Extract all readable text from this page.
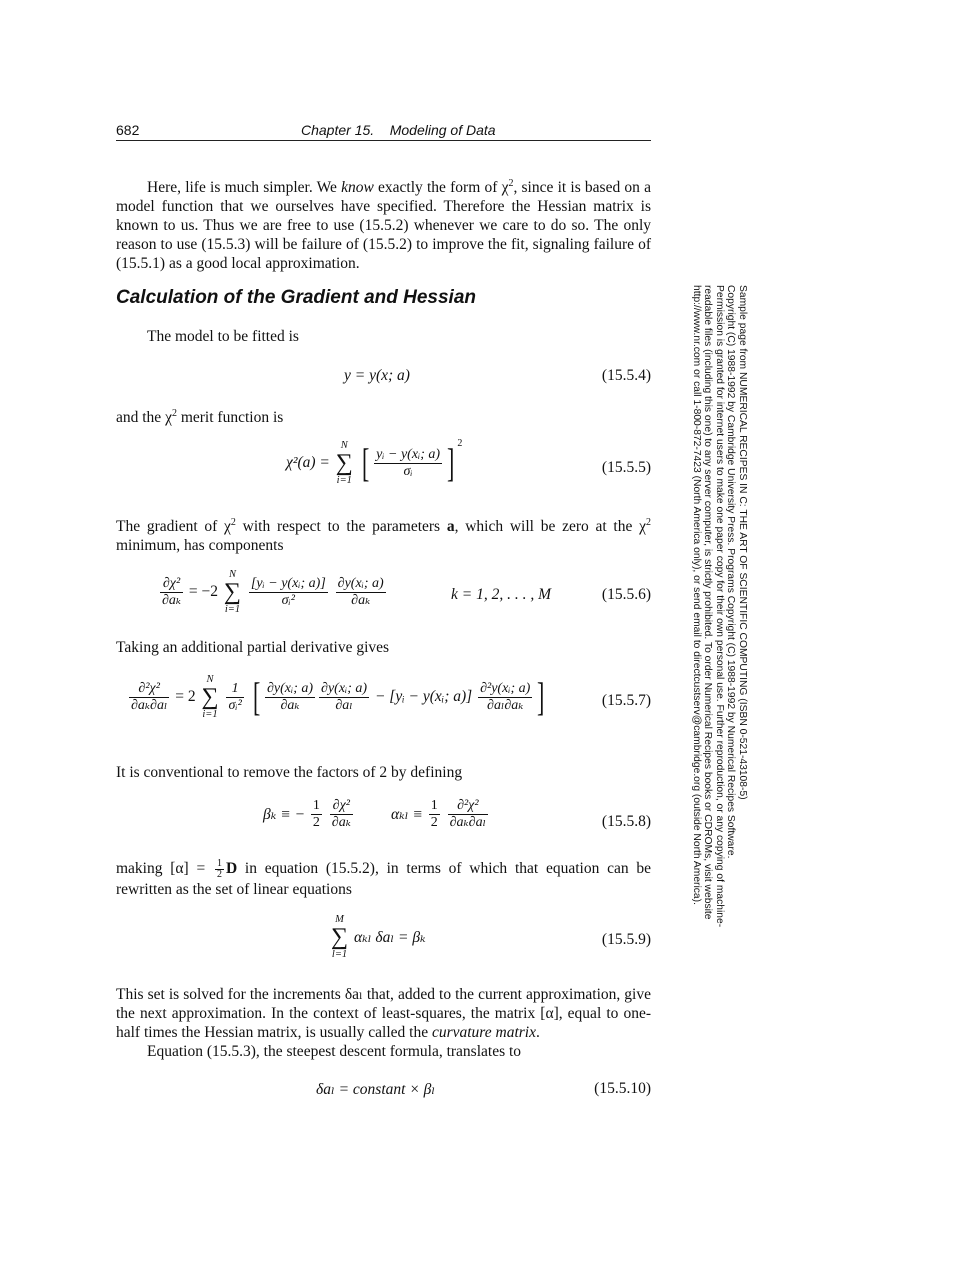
682	Chapter 15.    Modeling of Data
Here, life is much simpler. We know exactly the form of $\chi^2$, since it is based on a model function that we ourselves have specified. Therefore the Hessian matrix is known to us. Thus we are free to use (15.5.2) whenever we care to do so. The only reason to use (15.5.3) will be failure of (15.5.2) to improve the fit, signaling failure of (15.5.1) as a good local approximation.
Calculation of the Gradient and Hessian
The model to be fitted is
y = y(x; a)	(15.5.4)
and the $\chi^2$ merit function is
χ²(a) =
N
∑
i=1 [ $\frac{\text{yᵢ − y(xᵢ; a)}}{\text{σᵢ}}$ ] $^2$
(15.5.5)
The gradient of $\chi^2$ with respect to the parameters a, which will be zero at the $\chi^2$ minimum, has components
$\frac{\text{∂χ²}}{\text{∂aₖ}} = -2$
N
∑
i=1

$\frac{\text{[yᵢ − y(xᵢ; a)]}}{\text{σᵢ²}}$
$\frac{\text{∂y(xᵢ; a)}}{\text{∂aₖ}}$	k = 1, 2, . . . , M	(15.5.6)
Taking an additional partial derivative gives
$\frac{\text{∂²χ²}}{\text{∂aₖ∂aₗ}} = 2$
N
∑
i=1

$\frac{1}{\text{σᵢ²}}$ [ $\frac{\text{∂y(xᵢ; a)}}{\text{∂aₖ}} \frac{\text{∂y(xᵢ; a)}}{\text{∂aₗ}}$ − [yᵢ − y(xᵢ; $a)] \frac{\text{∂²y(xᵢ; a)}}{\text{∂aₗ∂aₖ}}$ ]	(15.5.7)
It is conventional to remove the factors of 2 by defining
βₖ ≡ − $\frac{1}{2}$
$\frac{\text{∂χ²}}{\text{∂aₖ}}$ $\alpha_{kl} \equiv \frac{1}{2}$
$\frac{\text{∂²χ²}}{\text{∂aₖ∂aₗ}}$	(15.5.8)
making $[\alpha] = \frac{1}{2}$ D in equation (15.5.2), in terms of which that equation can be rewritten as the set of linear equations
M
∑
l=1
αₖₗ δaₗ = βₖ	(15.5.9)
This set is solved for the increments δaₗ that, added to the current approximation, give the next approximation. In the context of least-squares, the matrix [α], equal to one-half times the Hessian matrix, is usually called the curvature matrix.
Equation (15.5.3), the steepest descent formula, translates to
δaₗ = constant × βₗ	(15.5.10)
Sample page from NUMERICAL RECIPES IN C: THE ART OF SCIENTIFIC COMPUTING (ISBN 0-521-43108-5)
Copyright (C) 1988-1992 by Cambridge University Press. Programs Copyright (C) 1988-1992 by Numerical Recipes Software.
Permission is granted for internet users to make one paper copy for their own personal use. Further reproduction, or any copying of machine-
readable files (including this one) to any server computer, is strictly prohibited. To order Numerical Recipes books or CDROMs, visit website
http://www.nr.com or call 1-800-872-7423 (North America only), or send email to directcustserv@cambridge.org (outside North America).
